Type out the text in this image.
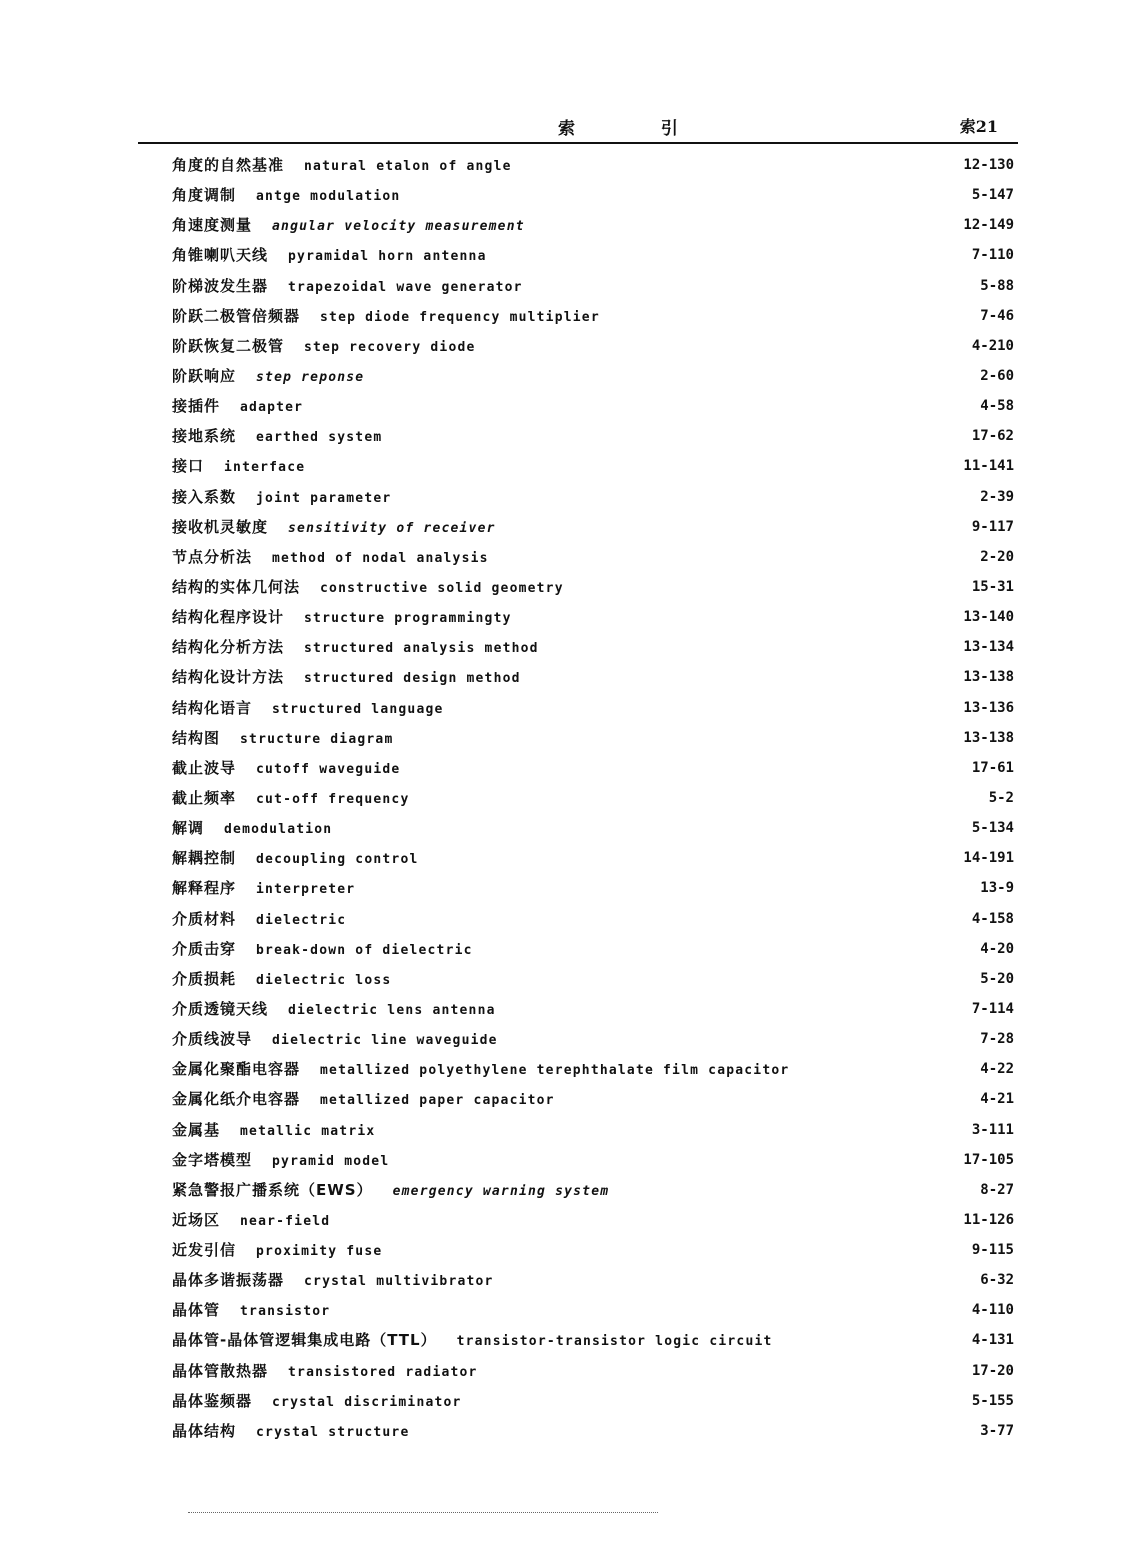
索 引	索21
角度的自然基准 natural etalon of angle	12-130
角度调制 antge modulation	5-147
角速度测量 angular velocity measurement	12-149
角锥喇叭天线 pyramidal horn antenna	7-110
阶梯波发生器 trapezoidal wave generator	5-88
阶跃二极管倍频器 step diode frequency multiplier	7-46
阶跃恢复二极管 step recovery diode	4-210
阶跃响应 step reponse	2-60
接插件 adapter	4-58
接地系统 earthed system	17-62
接口 interface	11-141
接入系数 joint parameter	2-39
接收机灵敏度 sensitivity of receiver	9-117
节点分析法 method of nodal analysis	2-20
结构的实体几何法 constructive solid geometry	15-31
结构化程序设计 structure programmingty	13-140
结构化分析方法 structured analysis method	13-134
结构化设计方法 structured design method	13-138
结构化语言 structured language	13-136
结构图 structure diagram	13-138
截止波导 cutoff waveguide	17-61
截止频率 cut-off frequency	5-2
解调 demodulation	5-134
解耦控制 decoupling control	14-191
解释程序 interpreter	13-9
介质材料 dielectric	4-158
介质击穿 break-down of dielectric	4-20
介质损耗 dielectric loss	5-20
介质透镜天线 dielectric lens antenna	7-114
介质线波导 dielectric line waveguide	7-28
金属化聚酯电容器 metallized polyethylene terephthalate film capacitor	4-22
金属化纸介电容器 metallized paper capacitor	4-21
金属基 metallic matrix	3-111
金字塔模型 pyramid model	17-105
紧急警报广播系统（EWS） emergency warning system	8-27
近场区 near-field	11-126
近发引信 proximity fuse	9-115
晶体多谐振荡器 crystal multivibrator	6-32
晶体管 transistor	4-110
晶体管-晶体管逻辑集成电路（TTL） transistor-transistor logic circuit	4-131
晶体管散热器 transistored radiator	17-20
晶体鉴频器 crystal discriminator	5-155
晶体结构 crystal structure	3-77
